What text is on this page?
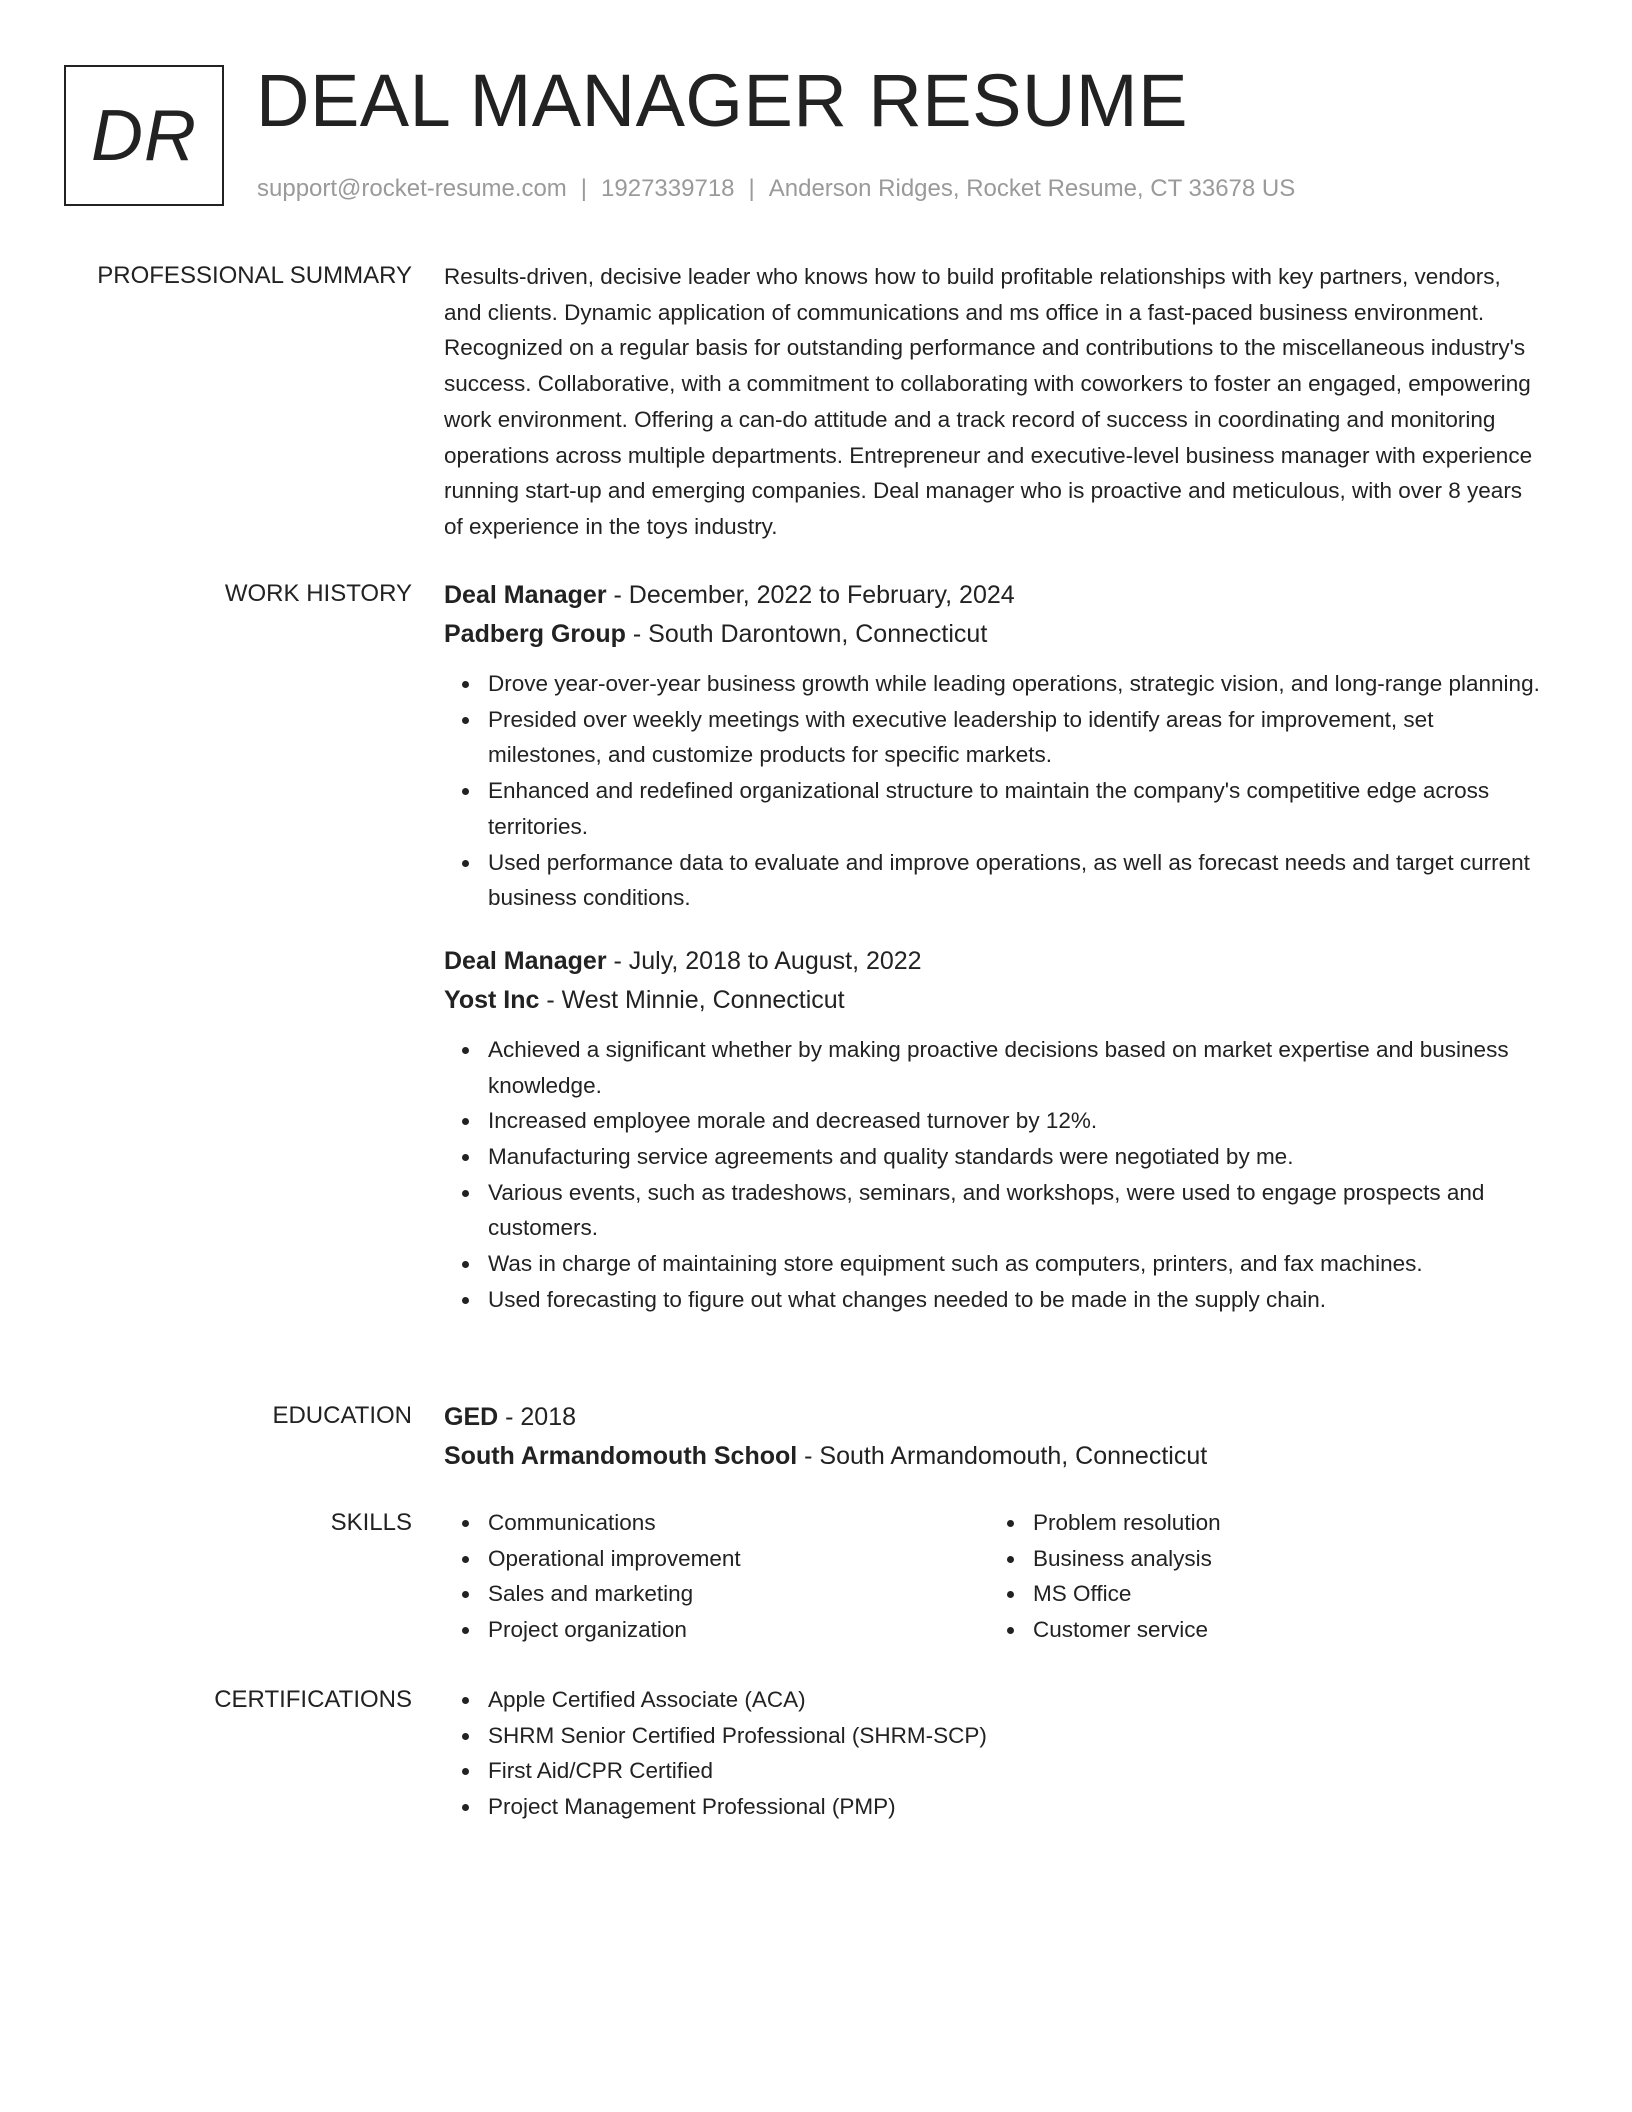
DR DEAL MANAGER RESUME
support@rocket-resume.com | 1927339718 | Anderson Ridges, Rocket Resume, CT 33678 US
PROFESSIONAL SUMMARY Results-driven, decisive leader who knows how to build profitable relationships with key partners, vendors, and clients. Dynamic application of communications and ms office in a fast-paced business environment. Recognized on a regular basis for outstanding performance and contributions to the miscellaneous industry's success. Collaborative, with a commitment to collaborating with coworkers to foster an engaged, empowering work environment. Offering a can-do attitude and a track record of success in coordinating and monitoring operations across multiple departments. Entrepreneur and executive-level business manager with experience running start-up and emerging companies. Deal manager who is proactive and meticulous, with over 8 years of experience in the toys industry.

WORK HISTORY Deal Manager - December, 2022 to February, 2024
Padberg Group - South Darontown, Connecticut
Drove year-over-year business growth while leading operations, strategic vision, and long-range planning.
Presided over weekly meetings with executive leadership to identify areas for improvement, set milestones, and customize products for specific markets.
Enhanced and redefined organizational structure to maintain the company's competitive edge across territories.
Used performance data to evaluate and improve operations, as well as forecast needs and target current business conditions.
Deal Manager - July, 2018 to August, 2022
Yost Inc - West Minnie, Connecticut
Achieved a significant whether by making proactive decisions based on market expertise and business knowledge.
Increased employee morale and decreased turnover by 12%.
Manufacturing service agreements and quality standards were negotiated by me.
Various events, such as tradeshows, seminars, and workshops, were used to engage prospects and customers.
Was in charge of maintaining store equipment such as computers, printers, and fax machines.
Used forecasting to figure out what changes needed to be made in the supply chain.
EDUCATION GED - 2018
South Armandomouth School - South Armandomouth, Connecticut
SKILLS	Communications
Operational improvement
Sales and marketing
Project organization
Problem resolution
Business analysis
MS Office
Customer service
CERTIFICATIONS	Apple Certified Associate (ACA)
SHRM Senior Certified Professional (SHRM-SCP)
First Aid/CPR Certified
Project Management Professional (PMP)
